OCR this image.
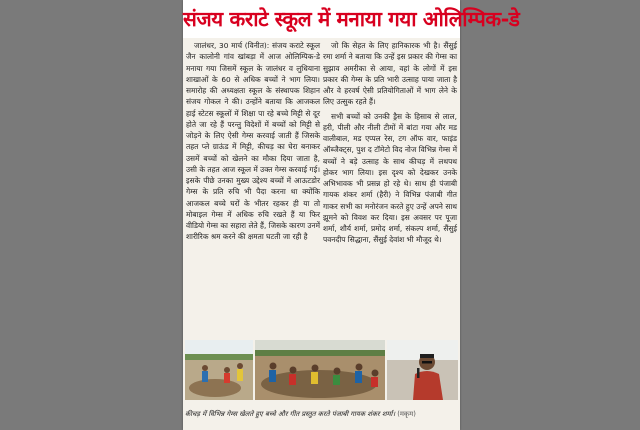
संजय कराटे स्कूल में मनाया गया ओलिम्पिक-डे

जालंधर, 30 मार्च (विनीत): संजय कराटे स्कूल जैन कालोनी गांव खांबड़ा में आज ओलिम्पिक-डे मनाया गया जिसमें स्कूल के जालंधर व लुधियाना शाखाओं के 60 से अधिक बच्चों ने भाग लिया। समारोह की अध्यक्षता स्कूल के संस्थापक शिहान संजय गोकल ने की। उन्होंने बताया कि आजकल हाई स्टेटस स्कूलों में शिक्षा पा रहे बच्चे मिट्टी से दूर होते जा रहे हैं परन्तु विदेशों में बच्चों को मिट्टी से जोड़ने के लिए ऐसी गेम्स करवाई जाती हैं जिसके तहत प्ले ग्राऊंड में मिट्टी, कीचड़ का घेरा बनाकर उसमें बच्चों को खेलने का मौका दिया जाता है, उसी के तहत आज स्कूल में उक्त गेम्स करवाई गई। इसके पीछे उनका मुख्य उद्देश्य बच्चों में आऊटडोर गेम्स के प्रति रुचि भी पैदा करना था क्योंकि आजकल बच्चे घरों के भीतर रहकर ही या तो मोबाइल गेम्स में अधिक रुचि रखते हैं या फिर वीडियो गेम्स का सहारा लेते हैं, जिसके कारण उनमें शारीरिक श्रम करने की क्षमता घटती जा रही है

जो कि सेहत के लिए हानिकारक भी है। सैंसुई रमा शर्मा ने बताया कि उन्हें इस प्रकार की गेम्स का सुझाव अमरीका से आया, वहां के लोगों में इस प्रकार की गेम्स के प्रति भारी उत्साह पाया जाता है और वे हरवर्ष ऐसी प्रतियोगिताओं में भाग लेने के लिए उत्सुक रहते हैं।

सभी बच्चों को उनकी ड्रैस के हिसाब से लाल, हरी, पीली और नीली टीमों में बांटा गया और मड वालीबाल, मड एप्पल रेस, टग ऑफ वार, फाइंड ऑब्जैक्ट्स, पुश द टॉमेटो विद नोज विभिन्न गेम्स में बच्चों ने बड़े उत्साह के साथ कीचड़ में लथपथ होकर भाग लिया। इस दृश्य को देखकर उनके अभिभावक भी प्रसन्न हो रहे थे। साथ ही पंजाबी गायक शंकर शर्मा (हैरी) ने विभिन्न पंजाबी गीत गाकर सभी का मनोरंजन करते हुए उन्हें अपने साथ झूमने को विवश कर दिया। इस अवसर पर पूजा शर्मा, शौर्य शर्मा, प्रमोद शर्मा, संकल्प शर्मा, सैंसुई पवनदीप सिद्धाना, सैंसुई देवांश भी मौजूद थे।

कीचड़ में विभिन्न गेम्स खेलते हुए बच्चे और गीत प्रस्तुत करते पंजाबी गायक शंकर शर्मा। (मकृम)
